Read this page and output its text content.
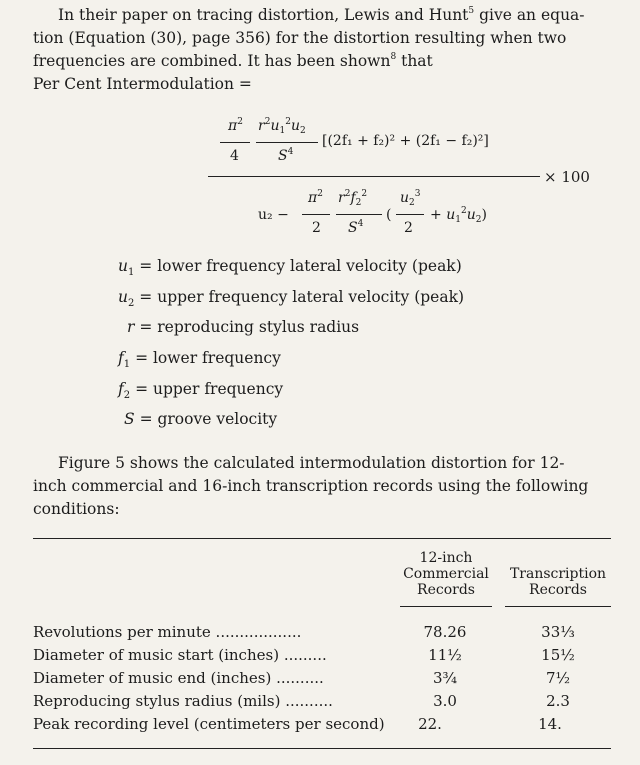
In their paper on tracing distortion, Lewis and Hunt$^5$ give an equa-
tion (Equation (30), page 356) for the distortion resulting when two
frequencies are combined. It has been shown$^8$ that
Per Cent Intermodulation =
$\pi^2$
4
$r^2u_1^2u_2$
$S^4$
[(2f₁ + f₂)² + (2f₁ − f₂)²]
× 100
u₂ −
$\pi^2$
2
$r^2f_2^2$
$S^4$
(
$u_2^3$
2
+ $u_1^2u_2$)
$u_1$ = lower frequency lateral velocity (peak)
$u_2$ = upper frequency lateral velocity (peak)
r = reproducing stylus radius
$f_1$ = lower frequency
$f_2$ = upper frequency
S = groove velocity
Figure 5 shows the calculated intermodulation distortion for 12-
inch commercial and 16-inch transcription records using the following
conditions:
12-inch
Commercial
Records
Transcription
Records
Revolutions per minute ..................	78.26	33⅓
Diameter of music start (inches) .........	11½	15½
Diameter of music end (inches) ..........	3¾	7½
Reproducing stylus radius (mils) ..........	3.0	2.3
Peak recording level (centimeters per second)	22.	14.
